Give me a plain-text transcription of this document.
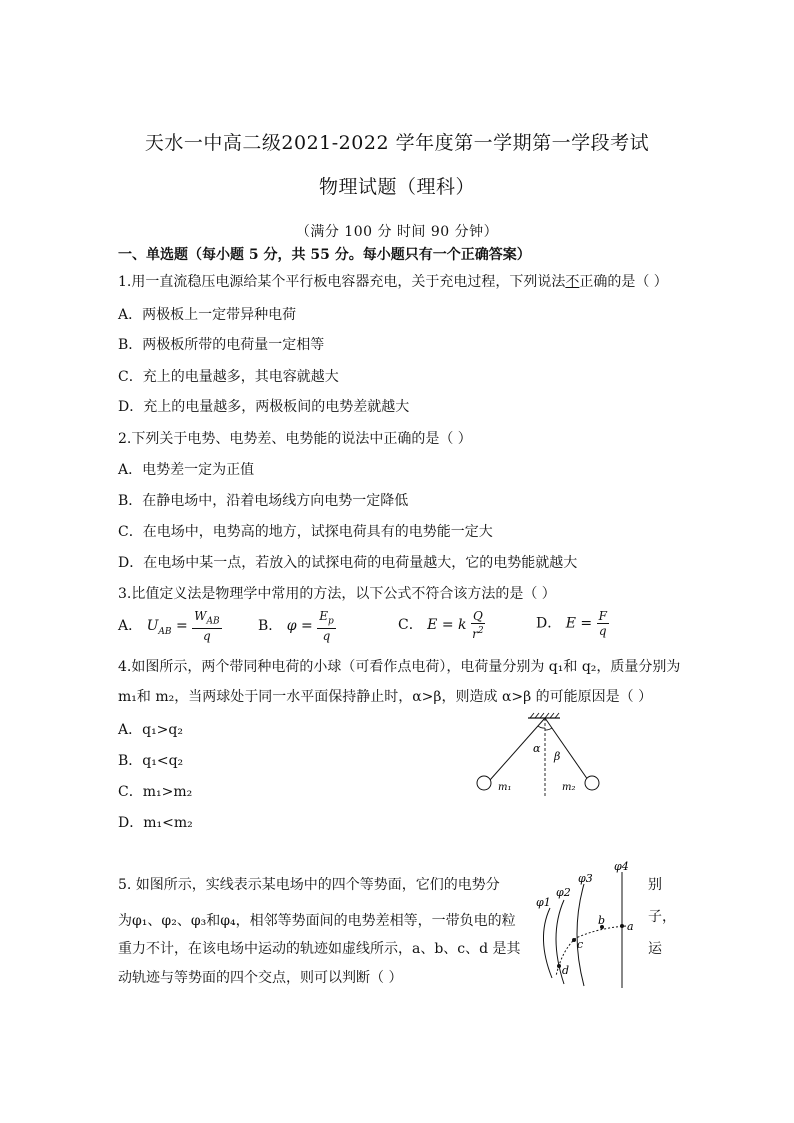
天水一中高二级2021-2022 学年度第一学期第一学段考试
物理试题（理科）
（满分 100 分 时间 90 分钟）
一、单选题（每小题 5 分，共 55 分。每小题只有一个正确答案）
1.用一直流稳压电源给某个平行板电容器充电，关于充电过程，下列说法不正确的是（ ）
A．两极板上一定带异种电荷
B．两极板所带的电荷量一定相等
C．充上的电量越多，其电容就越大
D．充上的电量越多，两极板间的电势差就越大
2.下列关于电势、电势差、电势能的说法中正确的是（ ）
A．电势差一定为正值
B．在静电场中，沿着电场线方向电势一定降低
C．在电场中，电势高的地方，试探电荷具有的电势能一定大
D．在电场中某一点，若放入的试探电荷的电荷量越大，它的电势能就越大
3.比值定义法是物理学中常用的方法，以下公式不符合该方法的是（ ）
A． $U_{AB} = \frac{W_{AB}}{q}$	B． $\varphi = \frac{E_p}{q}$	C． E = k $\frac{Q}{r^2}$	D． $E = \frac{F}{q}$
4.如图所示，两个带同种电荷的小球（可看作点电荷），电荷量分别为 q₁和 q₂，质量分别为
m₁和 m₂，当两球处于同一水平面保持静止时，α>β，则造成 α>β 的可能原因是（ ）
A．q₁>q₂
B．q₁<q₂
C．m₁>m₂
D．m₁<m₂
α
β
m₁	m₂
5. 如图所示，实线表示某电场中的四个等势面，它们的电势分
为φ₁、φ₂、φ₃和φ₄，相邻等势面间的电势差相等，一带负电的粒
重力不计，在该电场中运动的轨迹如虚线所示，a、b、c、d 是其
动轨迹与等势面的四个交点，则可以判断（ ）
别
子，
运
φ1
φ2
φ3
φ4
a
b
c
d
